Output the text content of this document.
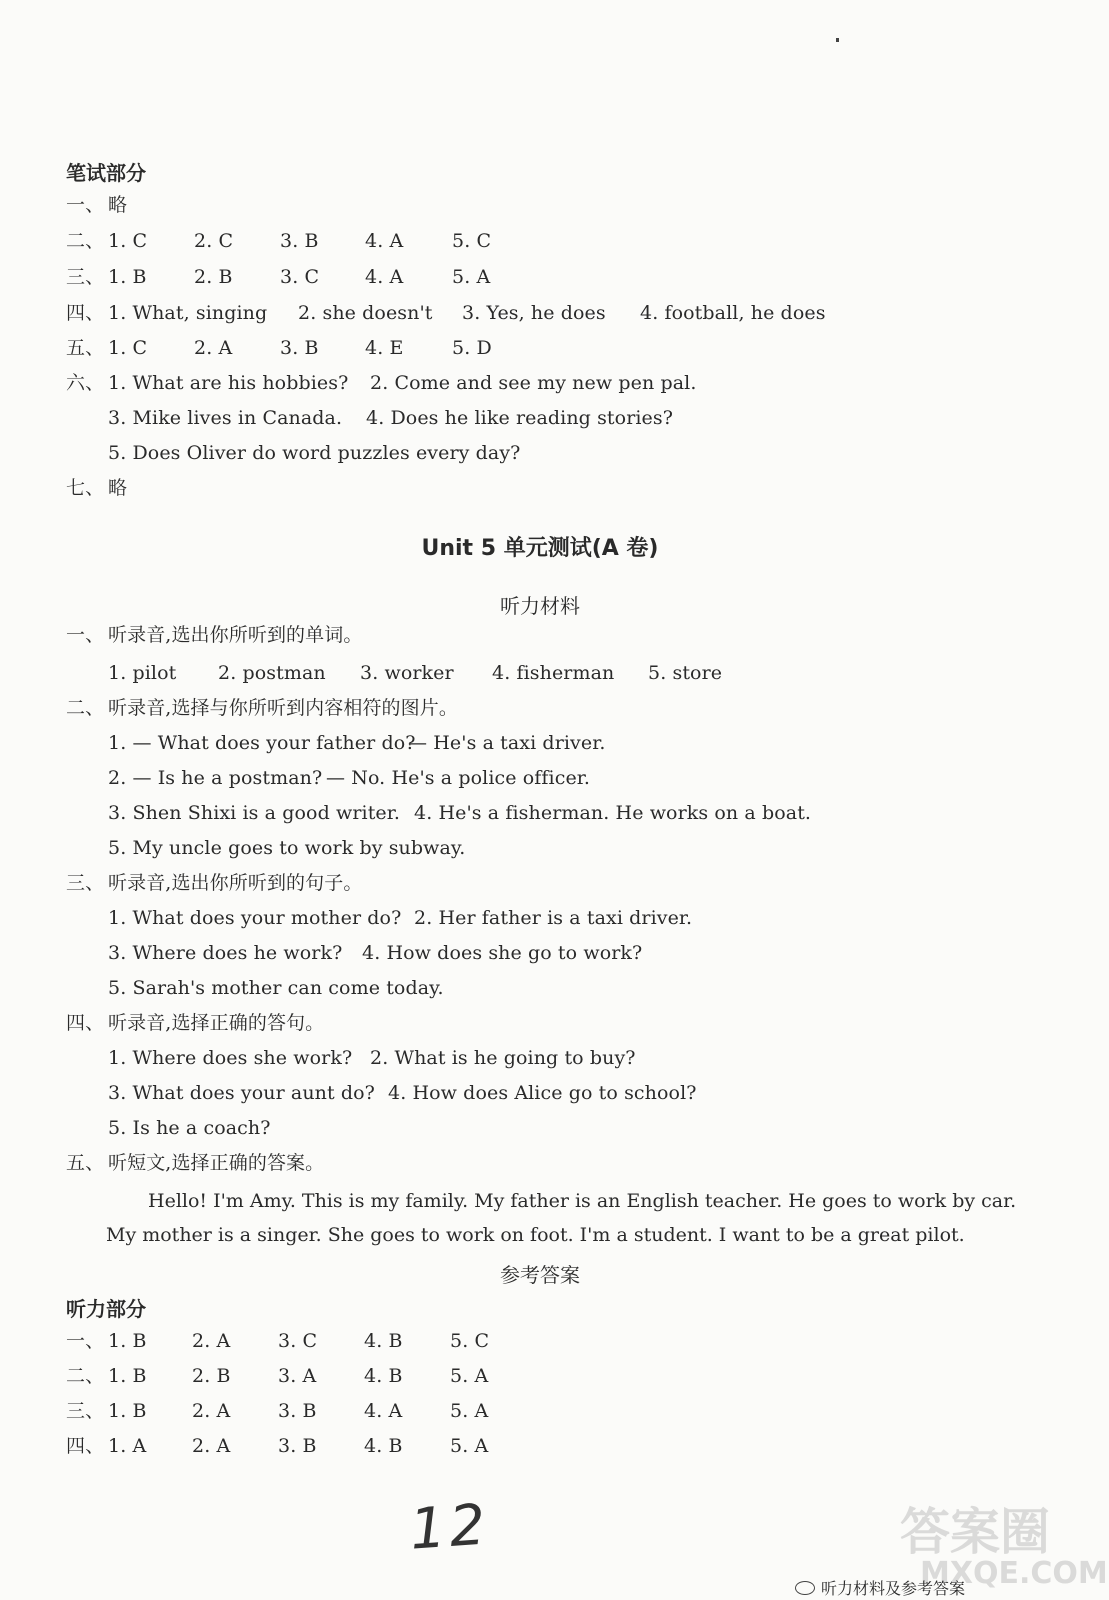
笔试部分
一、 略
二、 1. C 2. C 3. B 4. A	5. C
三、 1. B 2. B 3. C 4. A	5. A
四、 1. What, singing 2. she doesn't 3. Yes, he does 4. football, he does
五、 1. C 2. A	3. B 4. E	5. D
六、 1. What are his hobbies? 2. Come and see my new pen pal.
3. Mike lives in Canada. 4. Does he like reading stories?
5. Does Oliver do word puzzles every day?
七、 略
Unit 5 单元测试(A 卷)
听力材料
一、 听录音,选出你所听到的单词。
1. pilot 2. postman 3. worker 4. fisherman 5. store
二、 听录音,选择与你所听到内容相符的图片。
1. — What does your father do?
— He's a taxi driver.
2. — Is he a postman? — No. He's a police officer.
3. Shen Shixi is a good writer. 4. He's a fisherman. He works on a boat.
5. My uncle goes to work by subway.
三、 听录音,选出你所听到的句子。
1. What does your mother do? 2. Her father is a taxi driver.
3. Where does he work? 4. How does she go to work?
5. Sarah's mother can come today.
四、 听录音,选择正确的答句。
1. Where does she work? 2. What is he going to buy?
3. What does your aunt do? 4. How does Alice go to school?
5. Is he a coach?
五、 听短文,选择正确的答案。
Hello! I'm Amy. This is my family. My father is an English teacher. He goes to work by car. My mother is a singer. She goes to work on foot. I'm a student. I want to be a great pilot.
参考答案
听力部分
一、 1. B 2. A	3. C 4. B 5. C
二、 1. B 2. B 3. A	4. B 5. A
三、 1. B 2. A	3. B 4. A	5. A
四、 1. A 2. A	3. B 4. B 5. A
12	答案圈
MXQE.COM
听力材料及参考答案
